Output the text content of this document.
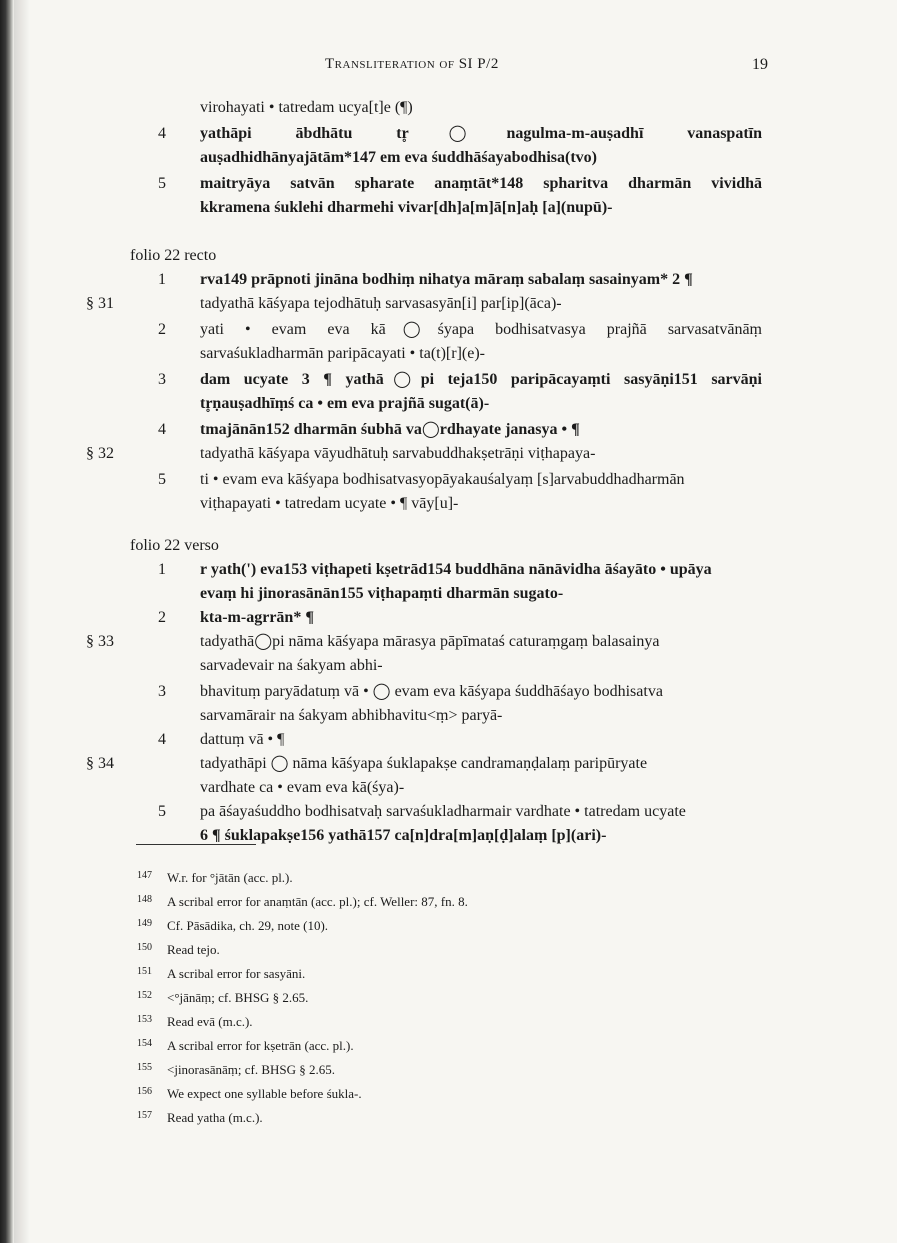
Transliteration of SI P/2	19
virohayati • tatredam ucya[t]e (¶)
4 yathāpi ābdhātu tr̥◯nagulma-m-auṣadhī vanaspatīn
auṣadhidhānyajātām*147 em eva śuddhāśayabodhisa(tvo)
5 maitryāya satvān spharate anaṃtāt*148 spharitva dharmān vividhā
kkramena śuklehi dharmehi vivar[dh]a[m]ā[n]aḥ [a](nupū)-
folio 22 recto
1 rva149 prāpnoti jināna bodhiṃ nihatya māraṃ sabalaṃ sasainyam* 2 ¶
§ 31	tadyathā kāśyapa tejodhātuḥ sarvasasyān[i] par[ip](āca)-
2 yati • evam eva kā◯śyapa bodhisatvasya prajñā sarvasatvānāṃ
sarvaśukladharmān paripācayati • ta(t)[r](e)-
3 dam ucyate 3 ¶ yathā◯pi teja150 paripācayaṃti sasyāṇi151 sarvāṇi
tr̥ṇauṣadhīṃś ca • em eva prajñā sugat(ā)-
4 tmajānān152 dharmān śubhā va◯rdhayate janasya • ¶
§ 32	tadyathā kāśyapa vāyudhātuḥ sarvabuddhakṣetrāṇi viṭhapaya-
5 ti • evam eva kāśyapa bodhisatvasyopāyakauśalyaṃ [s]arvabuddhadharmān
viṭhapayati • tatredam ucyate • ¶ vāy[u]-
folio 22 verso
1 r yath(') eva153 viṭhapeti kṣetrād154 buddhāna nānāvidha āśayāto • upāya
evaṃ hi jinorasānān155 viṭhapaṃti dharmān sugato-
2 kta-m-agrrān* ¶
§ 33	tadyathā◯pi nāma kāśyapa mārasya pāpīmataś caturaṃgaṃ balasainya
sarvadevair na śakyam abhi-
3 bhavituṃ paryādatuṃ vā • ◯ evam eva kāśyapa śuddhāśayo bodhisatva
sarvamārair na śakyam abhibhavitu<ṃ> paryā-
4 dattuṃ vā • ¶
§ 34	tadyathāpi ◯ nāma kāśyapa śuklapakṣe candramaṇḍalaṃ paripūryate
vardhate ca • evam eva kā(śya)-
5 pa āśayaśuddho bodhisatvaḥ sarvaśukladharmair vardhate • tatredam ucyate
6 ¶ śuklapakṣe156 yathā157 ca[n]dra[m]aṇ[ḍ]alaṃ [p](ari)-
147 W.r. for °jātān (acc. pl.).
148 A scribal error for anaṃtān (acc. pl.); cf. Weller: 87, fn. 8.
149 Cf. Pāsādika, ch. 29, note (10).
150 Read tejo.
151 A scribal error for sasyāni.
152 <°jānāṃ; cf. BHSG § 2.65.
153 Read evā (m.c.).
154 A scribal error for kṣetrān (acc. pl.).
155 <jinorasānāṃ; cf. BHSG § 2.65.
156 We expect one syllable before śukla-.
157 Read yatha (m.c.).
